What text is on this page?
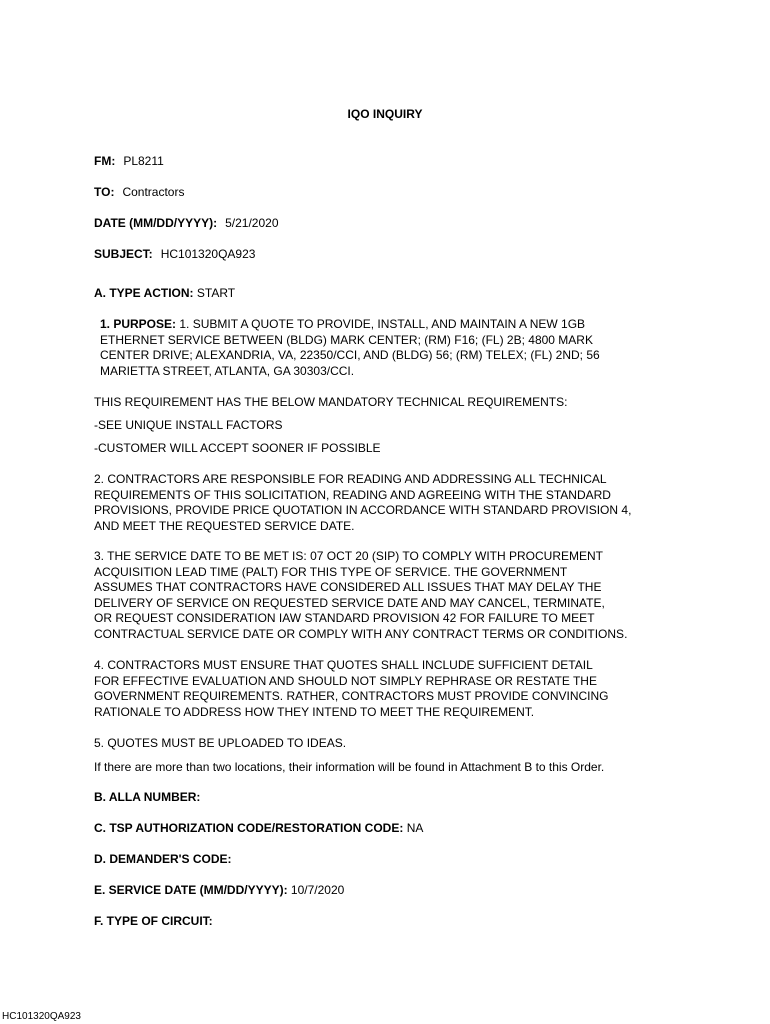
IQO INQUIRY
FM: PL8211
TO: Contractors
DATE (MM/DD/YYYY): 5/21/2020
SUBJECT: HC101320QA923
A. TYPE ACTION: START
1. PURPOSE: 1. SUBMIT A QUOTE TO PROVIDE, INSTALL, AND MAINTAIN A NEW 1GB
ETHERNET SERVICE BETWEEN (BLDG) MARK CENTER; (RM) F16; (FL) 2B; 4800 MARK
CENTER DRIVE; ALEXANDRIA, VA, 22350/CCI, AND (BLDG) 56; (RM) TELEX; (FL) 2ND; 56
MARIETTA STREET, ATLANTA, GA 30303/CCI.
THIS REQUIREMENT HAS THE BELOW MANDATORY TECHNICAL REQUIREMENTS:
-SEE UNIQUE INSTALL FACTORS
-CUSTOMER WILL ACCEPT SOONER IF POSSIBLE
2. CONTRACTORS ARE RESPONSIBLE FOR READING AND ADDRESSING ALL TECHNICAL
REQUIREMENTS OF THIS SOLICITATION, READING AND AGREEING WITH THE STANDARD
PROVISIONS, PROVIDE PRICE QUOTATION IN ACCORDANCE WITH STANDARD PROVISION 4,
AND MEET THE REQUESTED SERVICE DATE.
3. THE SERVICE DATE TO BE MET IS: 07 OCT 20 (SIP) TO COMPLY WITH PROCUREMENT
ACQUISITION LEAD TIME (PALT) FOR THIS TYPE OF SERVICE. THE GOVERNMENT
ASSUMES THAT CONTRACTORS HAVE CONSIDERED ALL ISSUES THAT MAY DELAY THE
DELIVERY OF SERVICE ON REQUESTED SERVICE DATE AND MAY CANCEL, TERMINATE,
OR REQUEST CONSIDERATION IAW STANDARD PROVISION 42 FOR FAILURE TO MEET
CONTRACTUAL SERVICE DATE OR COMPLY WITH ANY CONTRACT TERMS OR CONDITIONS.
4. CONTRACTORS MUST ENSURE THAT QUOTES SHALL INCLUDE SUFFICIENT DETAIL
FOR EFFECTIVE EVALUATION AND SHOULD NOT SIMPLY REPHRASE OR RESTATE THE
GOVERNMENT REQUIREMENTS. RATHER, CONTRACTORS MUST PROVIDE CONVINCING
RATIONALE TO ADDRESS HOW THEY INTEND TO MEET THE REQUIREMENT.
5. QUOTES MUST BE UPLOADED TO IDEAS.
If there are more than two locations, their information will be found in Attachment B to this Order.
B. ALLA NUMBER:
C. TSP AUTHORIZATION CODE/RESTORATION CODE: NA
D. DEMANDER'S CODE:
E. SERVICE DATE (MM/DD/YYYY): 10/7/2020
F. TYPE OF CIRCUIT:
HC101320QA923
